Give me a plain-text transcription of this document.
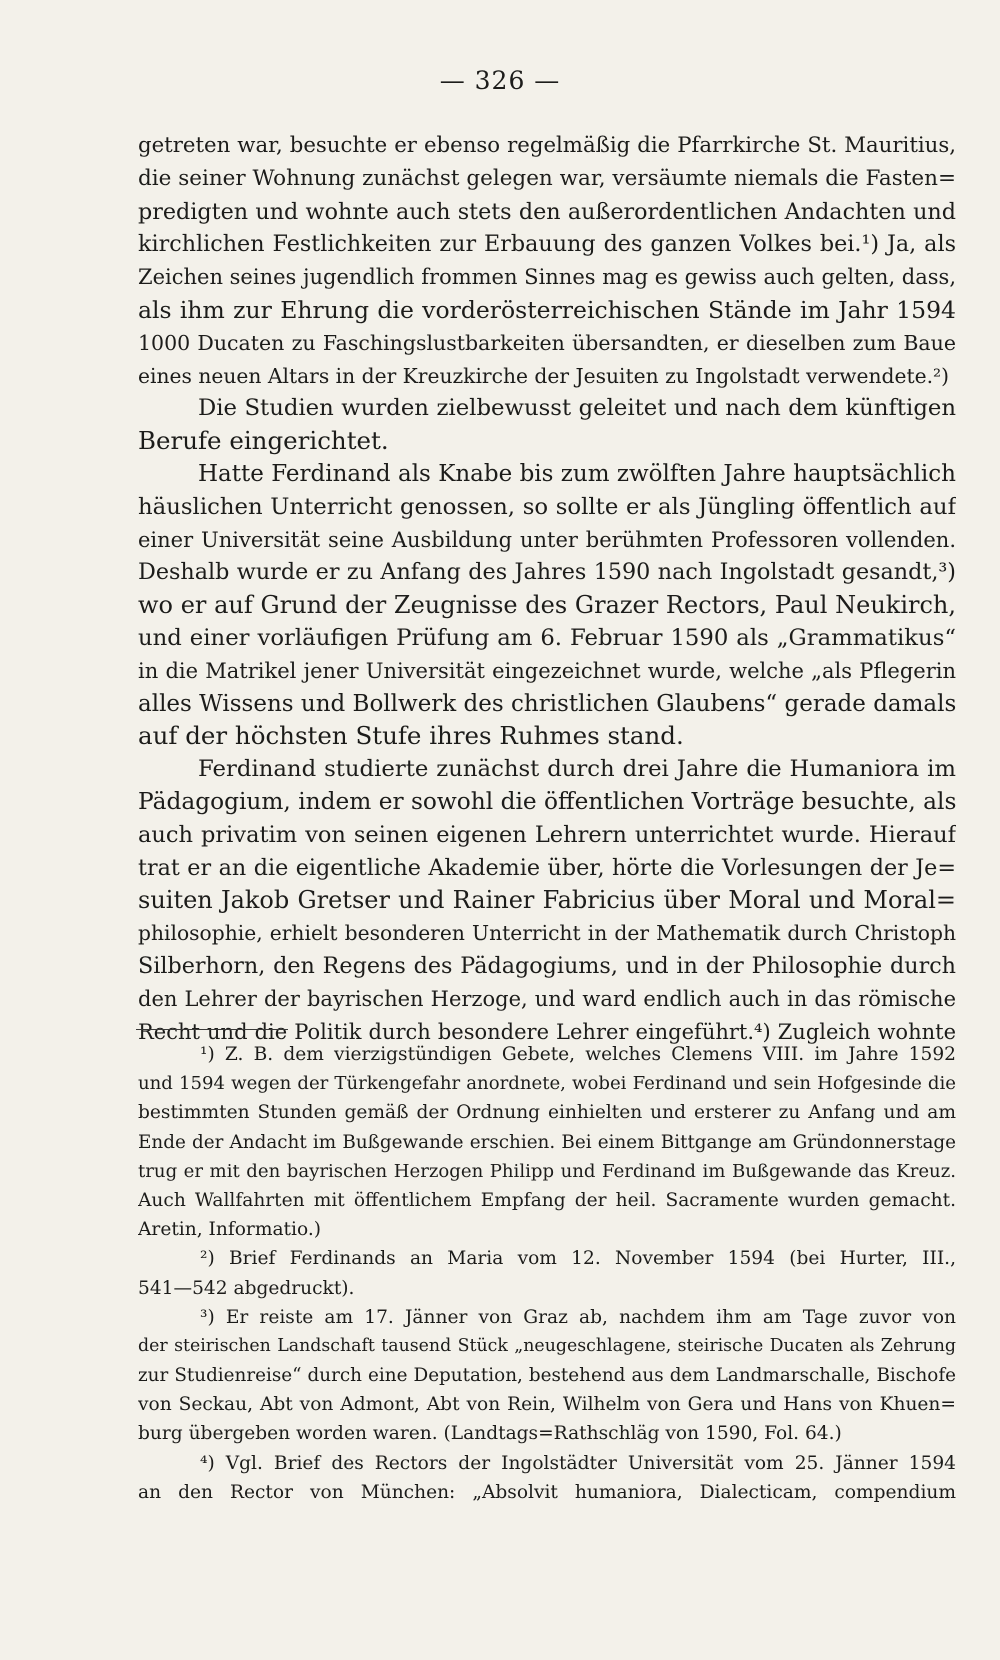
— 326 —
getreten war, besuchte er ebenso regelmäßig die Pfarrkirche St. Mauritius,
die seiner Wohnung zunächst gelegen war, versäumte niemals die Fasten=
predigten und wohnte auch stets den außerordentlichen Andachten und
kirchlichen Festlichkeiten zur Erbauung des ganzen Volkes bei.¹) Ja, als
Zeichen seines jugendlich frommen Sinnes mag es gewiss auch gelten, dass,
als ihm zur Ehrung die vorderösterreichischen Stände im Jahr 1594
1000 Ducaten zu Faschingslustbarkeiten übersandten, er dieselben zum Baue
eines neuen Altars in der Kreuzkirche der Jesuiten zu Ingolstadt verwendete.²)
Die Studien wurden zielbewusst geleitet und nach dem künftigen
Berufe eingerichtet.
Hatte Ferdinand als Knabe bis zum zwölften Jahre hauptsächlich
häuslichen Unterricht genossen, so sollte er als Jüngling öffentlich auf
einer Universität seine Ausbildung unter berühmten Professoren vollenden.
Deshalb wurde er zu Anfang des Jahres 1590 nach Ingolstadt gesandt,³)
wo er auf Grund der Zeugnisse des Grazer Rectors, Paul Neukirch,
und einer vorläufigen Prüfung am 6. Februar 1590 als „Grammatikus“
in die Matrikel jener Universität eingezeichnet wurde, welche „als Pflegerin
alles Wissens und Bollwerk des christlichen Glaubens“ gerade damals
auf der höchsten Stufe ihres Ruhmes stand.
Ferdinand studierte zunächst durch drei Jahre die Humaniora im
Pädagogium, indem er sowohl die öffentlichen Vorträge besuchte, als
auch privatim von seinen eigenen Lehrern unterrichtet wurde. Hierauf
trat er an die eigentliche Akademie über, hörte die Vorlesungen der Je=
suiten Jakob Gretser und Rainer Fabricius über Moral und Moral=
philosophie, erhielt besonderen Unterricht in der Mathematik durch Christoph
Silberhorn, den Regens des Pädagogiums, und in der Philosophie durch
den Lehrer der bayrischen Herzoge, und ward endlich auch in das römische
Recht und die Politik durch besondere Lehrer eingeführt.⁴) Zugleich wohnte
¹) Z. B. dem vierzigstündigen Gebete, welches Clemens VIII. im Jahre 1592
und 1594 wegen der Türkengefahr anordnete, wobei Ferdinand und sein Hofgesinde die
bestimmten Stunden gemäß der Ordnung einhielten und ersterer zu Anfang und am
Ende der Andacht im Bußgewande erschien. Bei einem Bittgange am Gründonnerstage
trug er mit den bayrischen Herzogen Philipp und Ferdinand im Bußgewande das Kreuz.
Auch Wallfahrten mit öffentlichem Empfang der heil. Sacramente wurden gemacht.
Aretin, Informatio.)
²) Brief Ferdinands an Maria vom 12. November 1594 (bei Hurter, III.,
541—542 abgedruckt).
³) Er reiste am 17. Jänner von Graz ab, nachdem ihm am Tage zuvor von
der steirischen Landschaft tausend Stück „neugeschlagene, steirische Ducaten als Zehrung
zur Studienreise“ durch eine Deputation, bestehend aus dem Landmarschalle, Bischofe
von Seckau, Abt von Admont, Abt von Rein, Wilhelm von Gera und Hans von Khuen=
burg übergeben worden waren. (Landtags=Rathschläg von 1590, Fol. 64.)
⁴) Vgl. Brief des Rectors der Ingolstädter Universität vom 25. Jänner 1594
an den Rector von München: „Absolvit humaniora, Dialecticam, compendium
